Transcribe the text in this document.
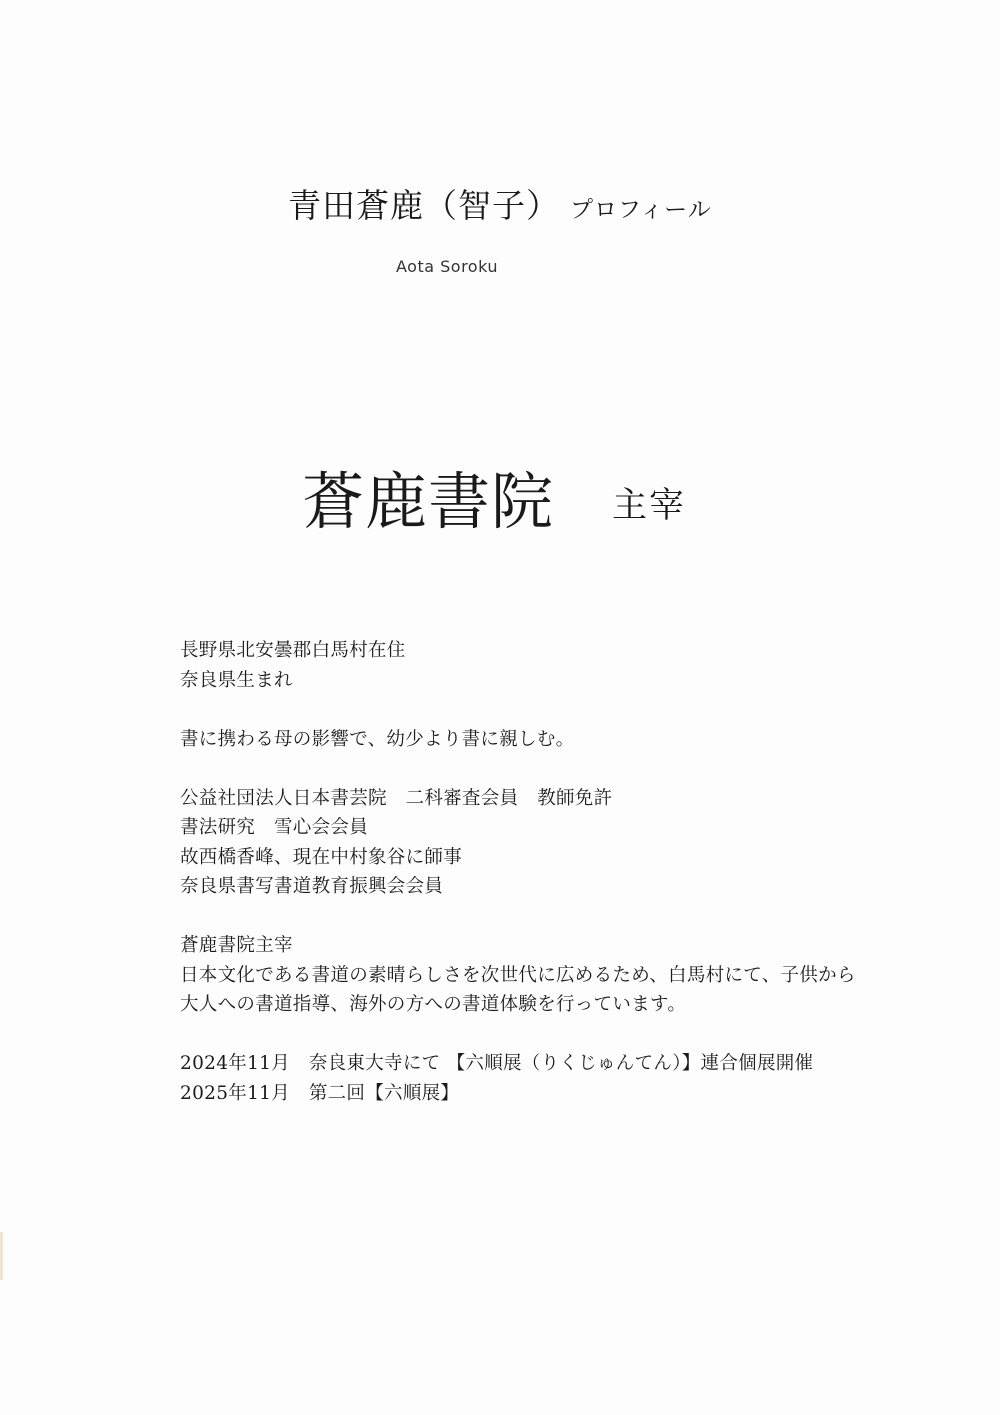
青田蒼鹿（智子） プロフィール
Aota Soroku
蒼鹿書院 主宰

長野県北安曇郡白馬村在住
奈良県生まれ

書に携わる母の影響で、幼少より書に親しむ。

公益社団法人日本書芸院　二科審査会員　教師免許
書法研究　雪心会会員
故西橋香峰、現在中村象谷に師事
奈良県書写書道教育振興会会員

蒼鹿書院主宰
日本文化である書道の素晴らしさを次世代に広めるため、白馬村にて、子供から
大人への書道指導、海外の方への書道体験を行っています。

2024年11月　奈良東大寺にて 【六順展（りくじゅんてん）】連合個展開催
2025年11月　第二回【六順展】
